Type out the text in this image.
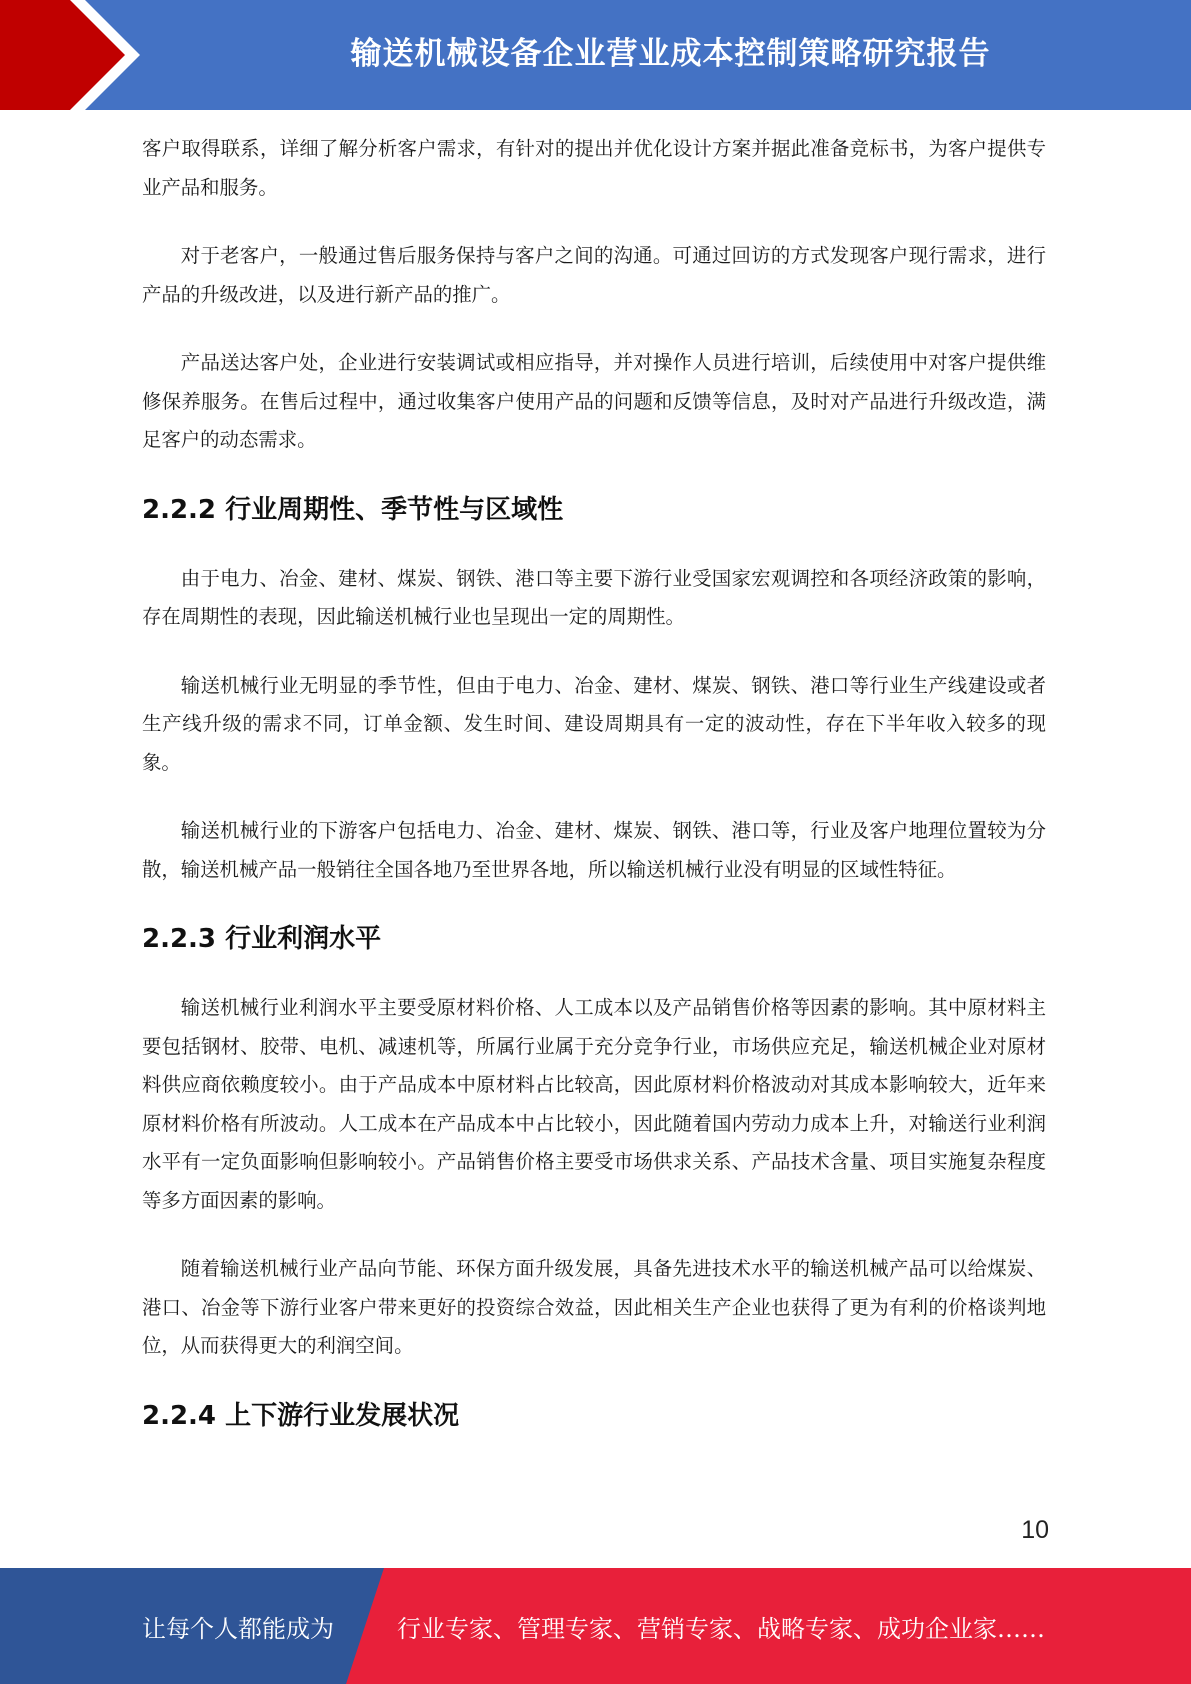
输送机械设备企业营业成本控制策略研究报告

客户取得联系，详细了解分析客户需求，有针对的提出并优化设计方案并据此准备竞标书，为客户提供专业产品和服务。

对于老客户，一般通过售后服务保持与客户之间的沟通。可通过回访的方式发现客户现行需求，进行产品的升级改进，以及进行新产品的推广。

产品送达客户处，企业进行安装调试或相应指导，并对操作人员进行培训，后续使用中对客户提供维修保养服务。在售后过程中，通过收集客户使用产品的问题和反馈等信息，及时对产品进行升级改造，满足客户的动态需求。

2.2.2 行业周期性、季节性与区域性

由于电力、冶金、建材、煤炭、钢铁、港口等主要下游行业受国家宏观调控和各项经济政策的影响，存在周期性的表现，因此输送机械行业也呈现出一定的周期性。

输送机械行业无明显的季节性，但由于电力、冶金、建材、煤炭、钢铁、港口等行业生产线建设或者生产线升级的需求不同，订单金额、发生时间、建设周期具有一定的波动性，存在下半年收入较多的现象。

输送机械行业的下游客户包括电力、冶金、建材、煤炭、钢铁、港口等，行业及客户地理位置较为分散，输送机械产品一般销往全国各地乃至世界各地，所以输送机械行业没有明显的区域性特征。

2.2.3 行业利润水平

输送机械行业利润水平主要受原材料价格、人工成本以及产品销售价格等因素的影响。其中原材料主要包括钢材、胶带、电机、减速机等，所属行业属于充分竞争行业，市场供应充足，输送机械企业对原材料供应商依赖度较小。由于产品成本中原材料占比较高，因此原材料价格波动对其成本影响较大，近年来原材料价格有所波动。人工成本在产品成本中占比较小，因此随着国内劳动力成本上升，对输送行业利润水平有一定负面影响但影响较小。产品销售价格主要受市场供求关系、产品技术含量、项目实施复杂程度等多方面因素的影响。

随着输送机械行业产品向节能、环保方面升级发展，具备先进技术水平的输送机械产品可以给煤炭、港口、冶金等下游行业客户带来更好的投资综合效益，因此相关生产企业也获得了更为有利的价格谈判地位，从而获得更大的利润空间。

2.2.4 上下游行业发展状况
10
让每个人都能成为	行业专家、管理专家、营销专家、战略专家、成功企业家……
